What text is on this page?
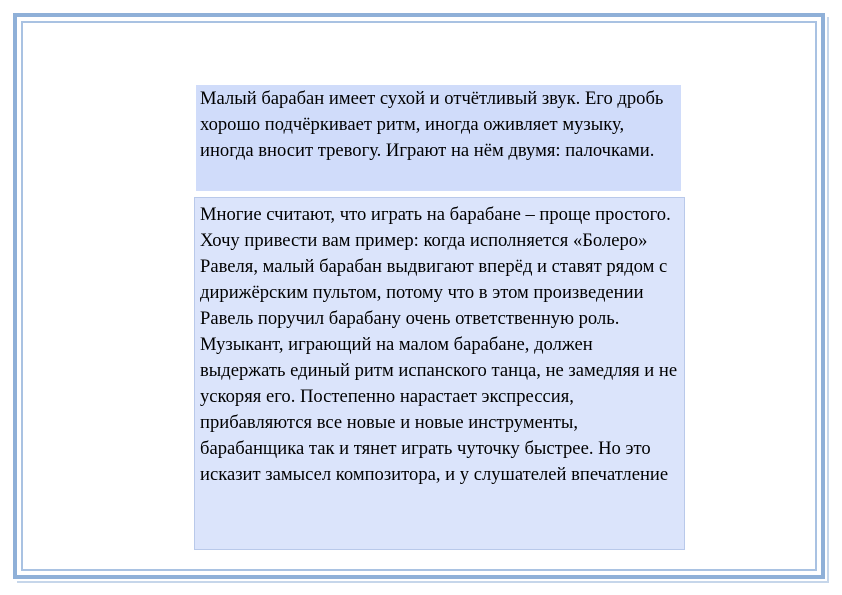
Малый барабан имеет сухой и отчётливый звук. Его дробь хорошо подчёркивает ритм, иногда оживляет музыку, иногда вносит тревогу. Играют на нём двумя: палочками.

Многие считают, что играть на барабане – проще простого. Хочу привести вам пример: когда исполняется «Болеро» Равеля, малый барабан выдвигают вперёд и ставят рядом с дирижёрским пультом, потому что в этом произведении Равель поручил барабану очень ответственную роль. Музыкант, играющий на малом барабане, должен выдержать единый ритм испанского танца, не замедляя и не ускоряя его. Постепенно нарастает экспрессия, прибавляются все новые и новые инструменты, барабанщика так и тянет играть чуточку быстрее. Но это исказит замысел композитора, и у слушателей впечатление
